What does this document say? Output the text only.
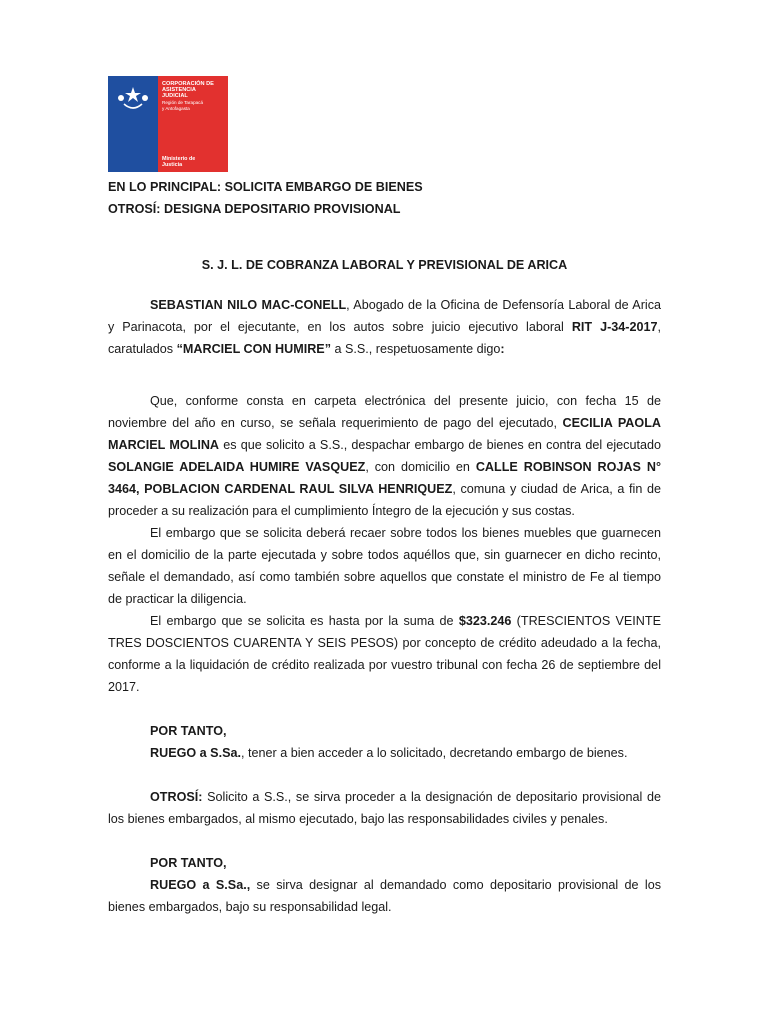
CORPORACIÓN DE
ASISTENCIA
JUDICIAL
Región de Tarapacá
y Antofagasta
Ministerio de
Justicia

EN LO PRINCIPAL: SOLICITA EMBARGO DE BIENES

OTROSÍ: DESIGNA DEPOSITARIO PROVISIONAL

S. J. L. DE COBRANZA LABORAL Y PREVISIONAL DE ARICA

SEBASTIAN NILO MAC-CONELL, Abogado de la Oficina de Defensoría Laboral de Arica y Parinacota, por el ejecutante, en los autos sobre juicio ejecutivo laboral RIT J-34-2017, caratulados “MARCIEL CON HUMIRE” a S.S., respetuosamente digo:

Que, conforme consta en carpeta electrónica del presente juicio, con fecha 15 de noviembre del año en curso, se señala requerimiento de pago del ejecutado, CECILIA PAOLA MARCIEL MOLINA es que solicito a S.S., despachar embargo de bienes en contra del ejecutado SOLANGIE ADELAIDA HUMIRE VASQUEZ, con domicilio en CALLE ROBINSON ROJAS N° 3464, POBLACION CARDENAL RAUL SILVA HENRIQUEZ, comuna y ciudad de Arica, a fin de proceder a su realización para el cumplimiento Íntegro de la ejecución y sus costas.

El embargo que se solicita deberá recaer sobre todos los bienes muebles que guarnecen en el domicilio de la parte ejecutada y sobre todos aquéllos que, sin guarnecer en dicho recinto, señale el demandado, así como también sobre aquellos que constate el ministro de Fe al tiempo de practicar la diligencia.

El embargo que se solicita es hasta por la suma de $323.246 (TRESCIENTOS VEINTE TRES DOSCIENTOS CUARENTA Y SEIS PESOS) por concepto de crédito adeudado a la fecha, conforme a la liquidación de crédito realizada por vuestro tribunal con fecha 26 de septiembre del 2017.

POR TANTO,

RUEGO a S.Sa., tener a bien acceder a lo solicitado, decretando embargo de bienes.

OTROSÍ: Solicito a S.S., se sirva proceder a la designación de depositario provisional de los bienes embargados, al mismo ejecutado, bajo las responsabilidades civiles y penales.

POR TANTO,

RUEGO a S.Sa., se sirva designar al demandado como depositario provisional de los bienes embargados, bajo su responsabilidad legal.
